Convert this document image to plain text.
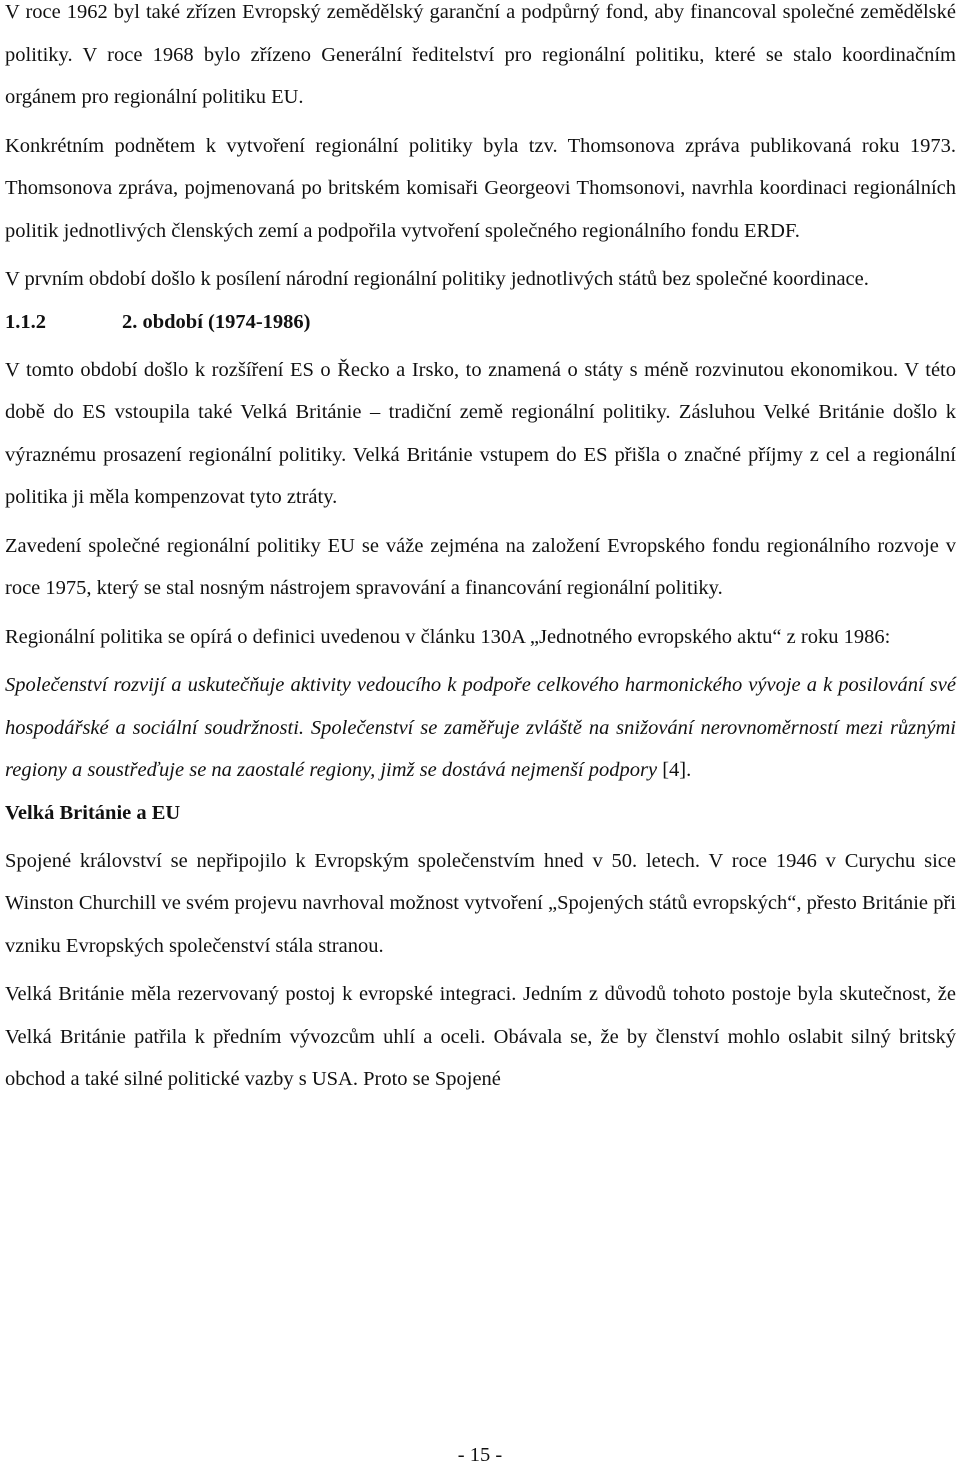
V roce 1962 byl také zřízen Evropský zemědělský garanční a podpůrný fond, aby financoval společné zemědělské politiky. V roce 1968 bylo zřízeno Generální ředitelství pro regionální politiku, které se stalo koordinačním orgánem pro regionální politiku EU.

Konkrétním podnětem k vytvoření regionální politiky byla tzv. Thomsonova zpráva publikovaná roku 1973. Thomsonova zpráva, pojmenovaná po britském komisaři Georgeovi Thomsonovi, navrhla koordinaci regionálních politik jednotlivých členských zemí a podpořila vytvoření společného regionálního fondu ERDF.

V prvním období došlo k posílení národní regionální politiky jednotlivých států bez společné koordinace.

1.1.2	2. období (1974-1986)

V tomto období došlo k rozšíření ES o Řecko a Irsko, to znamená o státy s méně rozvinutou ekonomikou. V této době do ES vstoupila také Velká Británie – tradiční země regionální politiky. Zásluhou Velké Británie došlo k výraznému prosazení regionální politiky. Velká Británie vstupem do ES přišla o značné příjmy z cel a regionální politika ji měla kompenzovat tyto ztráty.

Zavedení společné regionální politiky EU se váže zejména na založení Evropského fondu regionálního rozvoje v roce 1975, který se stal nosným nástrojem spravování a financování regionální politiky.

Regionální politika se opírá o definici uvedenou v článku 130A „Jednotného evropského aktu“ z roku 1986:

Společenství rozvijí a uskutečňuje aktivity vedoucího k podpoře celkového harmonického vývoje a k posilování své hospodářské a sociální soudržnosti. Společenství se zaměřuje zvláště na snižování nerovnoměrností mezi různými regiony a soustřeďuje se na zaostalé regiony, jimž se dostává nejmenší podpory [4].

Velká Británie a EU

Spojené království se nepřipojilo k Evropským společenstvím hned v 50. letech. V roce 1946 v Curychu sice Winston Churchill ve svém projevu navrhoval možnost vytvoření „Spojených států evropských“, přesto Británie při vzniku Evropských společenství stála stranou.

Velká Británie měla rezervovaný postoj k evropské integraci. Jedním z důvodů tohoto postoje byla skutečnost, že Velká Británie patřila k předním vývozcům uhlí a oceli. Obávala se, že by členství mohlo oslabit silný britský obchod a také silné politické vazby s USA. Proto se Spojené

- 15 -
